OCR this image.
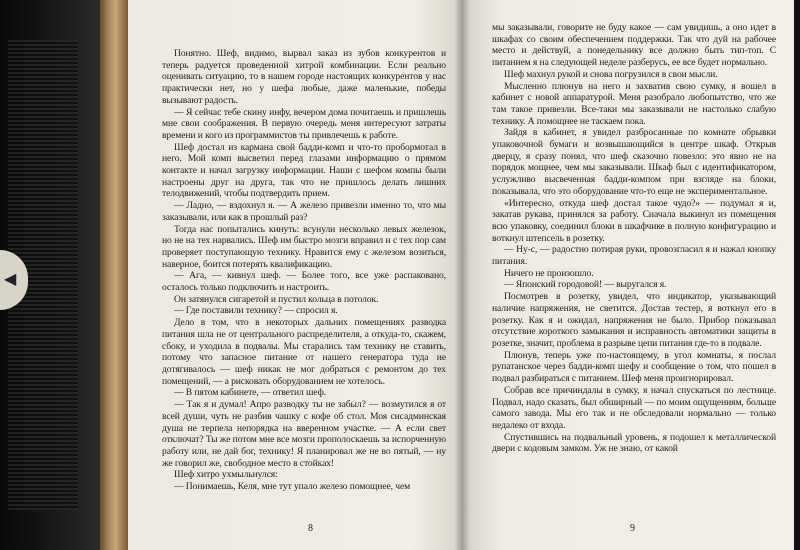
◀

Понятно. Шеф, видимо, вырвал заказ из зубов конкурентов и теперь радуется проведенной хитрой комбинации. Если реально оценивать ситуацию, то в нашем городе настоящих конкурентов у нас практически нет, но у шефа любые, даже маленькие, победы вызывают радость.

— Я сейчас тебе скину инфу, вечером дома почитаешь и пришлешь мне свои соображения. В первую очередь меня интересуют затраты времени и кого из программистов ты привлечешь к работе.

Шеф достал из кармана свой бадди-комп и что-то пробормотал в него. Мой комп высветил перед глазами информацию о прямом контакте и начал загрузку информации. Наши с шефом компы были настроены друг на друга, так что не пришлось делать лишних телодвижений, чтобы подтвердить прием.

— Ладно, — вздохнул я. — А железо привезли именно то, что мы заказывали, или как в прошлый раз?

Тогда нас попытались кинуть: всунули несколько левых железок, но не на тех нарвались. Шеф им быстро мозги вправил и с тех пор сам проверяет поступающую технику. Нравится ему с железом возиться, наверное, боится потерять квалификацию.

— Ага, — кивнул шеф. — Более того, все уже распаковано, осталось только подключить и настроить.

Он затянулся сигаретой и пустил кольца в потолок.

— Где поставили технику? — спросил я.

Дело в том, что в некоторых дальних помещениях разводка питания шла не от центрального распределителя, а откуда-то, скажем, сбоку, и уходила в подвалы. Мы старались там технику не ставить, потому что запасное питание от нашего генератора туда не дотягивалось — шеф никак не мог добраться с ремонтом до тех помещений, — а рисковать оборудованием не хотелось.

— В пятом кабинете, — ответил шеф.

— Так я и думал! Апро разводку ты не забыл? — возмутился я от всей души, чуть не разбив чашку с кофе об стол. Моя сисадминская душа не терпела непорядка на вверенном участке. — А если свет отключат? Ты же потом мне все мозги прополоскаешь за испорченную работу или, не дай бог, технику! Я планировал же не во пятый, — ну же говорил же, свободное место в стойках!

Шеф хитро ухмыльнулся:

— Понимаешь, Келя, мне тут упало железо помощнее, чем

8

мы заказывали, говорите не буду какое — сам увидишь, а оно идет в шкафах со своим обеспечением поддержки. Так что дуй на рабочее место и действуй, а понедельнику все должно быть тип-топ. С питанием я на следующей неделе разберусь, ее все будет нормально.

Шеф махнул рукой и снова погрузился в свои мысли.

Мысленно плюнув на него и захватив свою сумку, я вошел в кабинет с новой аппаратурой. Меня разобрало любопытство, что же там такое привезли. Все-таки мы заказывали не настолько слабую технику. А помощнее не таскаем пока.

Зайдя в кабинет, я увидел разбросанные по комнате обрывки упаковочной бумаги и возвышающийся в центре шкаф. Открыв дверцу, я сразу понял, что шеф сказочно повезло: это явно не на порядок мощнее, чем мы заказывали. Шкаф был с идентификатором, услужливо высвеченная бадди-компом при взгляде на блоки, показывала, что это оборудование что-то еще не экспериментальное.

«Интересно, откуда шеф достал такое чудо?» — подумал я и, закатав рукава, принялся за работу. Сначала выкинул из помещения всю упаковку, соединил блоки в шкафчике в полную конфигурацию и воткнул штепсель в розетку.

— Ну-с, — радостно потирая руки, провозгласил я и нажал кнопку питания.

Ничего не произошло.

— Японский городовой! — выругался я.

Посмотрев в розетку, увидел, что индикатор, указывающий наличие напряжения, не светится. Достав тестер, я воткнул его в розетку. Как я и ожидал, напряжения не было. Прибор показывал отсутствие короткого замыкания и исправность автоматики защиты в розетке, значит, проблема в разрыве цепи питания где-то в подвале.

Плюнув, теперь уже по-настоящему, в угол комнаты, я послал рупатанское через бадди-комп шефу и сообщение о том, что пошел в подвал разбираться с питанием. Шеф меня проигнорировал.

Собрав все причиндалы в сумку, я начал спускаться по лестнице. Подвал, надо сказать, был обширный — по моим ощущениям, больше самого завода. Мы его так и не обследовали нормально — только недалеко от входа.

Спустившись на подвальный уровень, я подошел к металлической двери с кодовым замком. Уж не знаю, от какой

9
